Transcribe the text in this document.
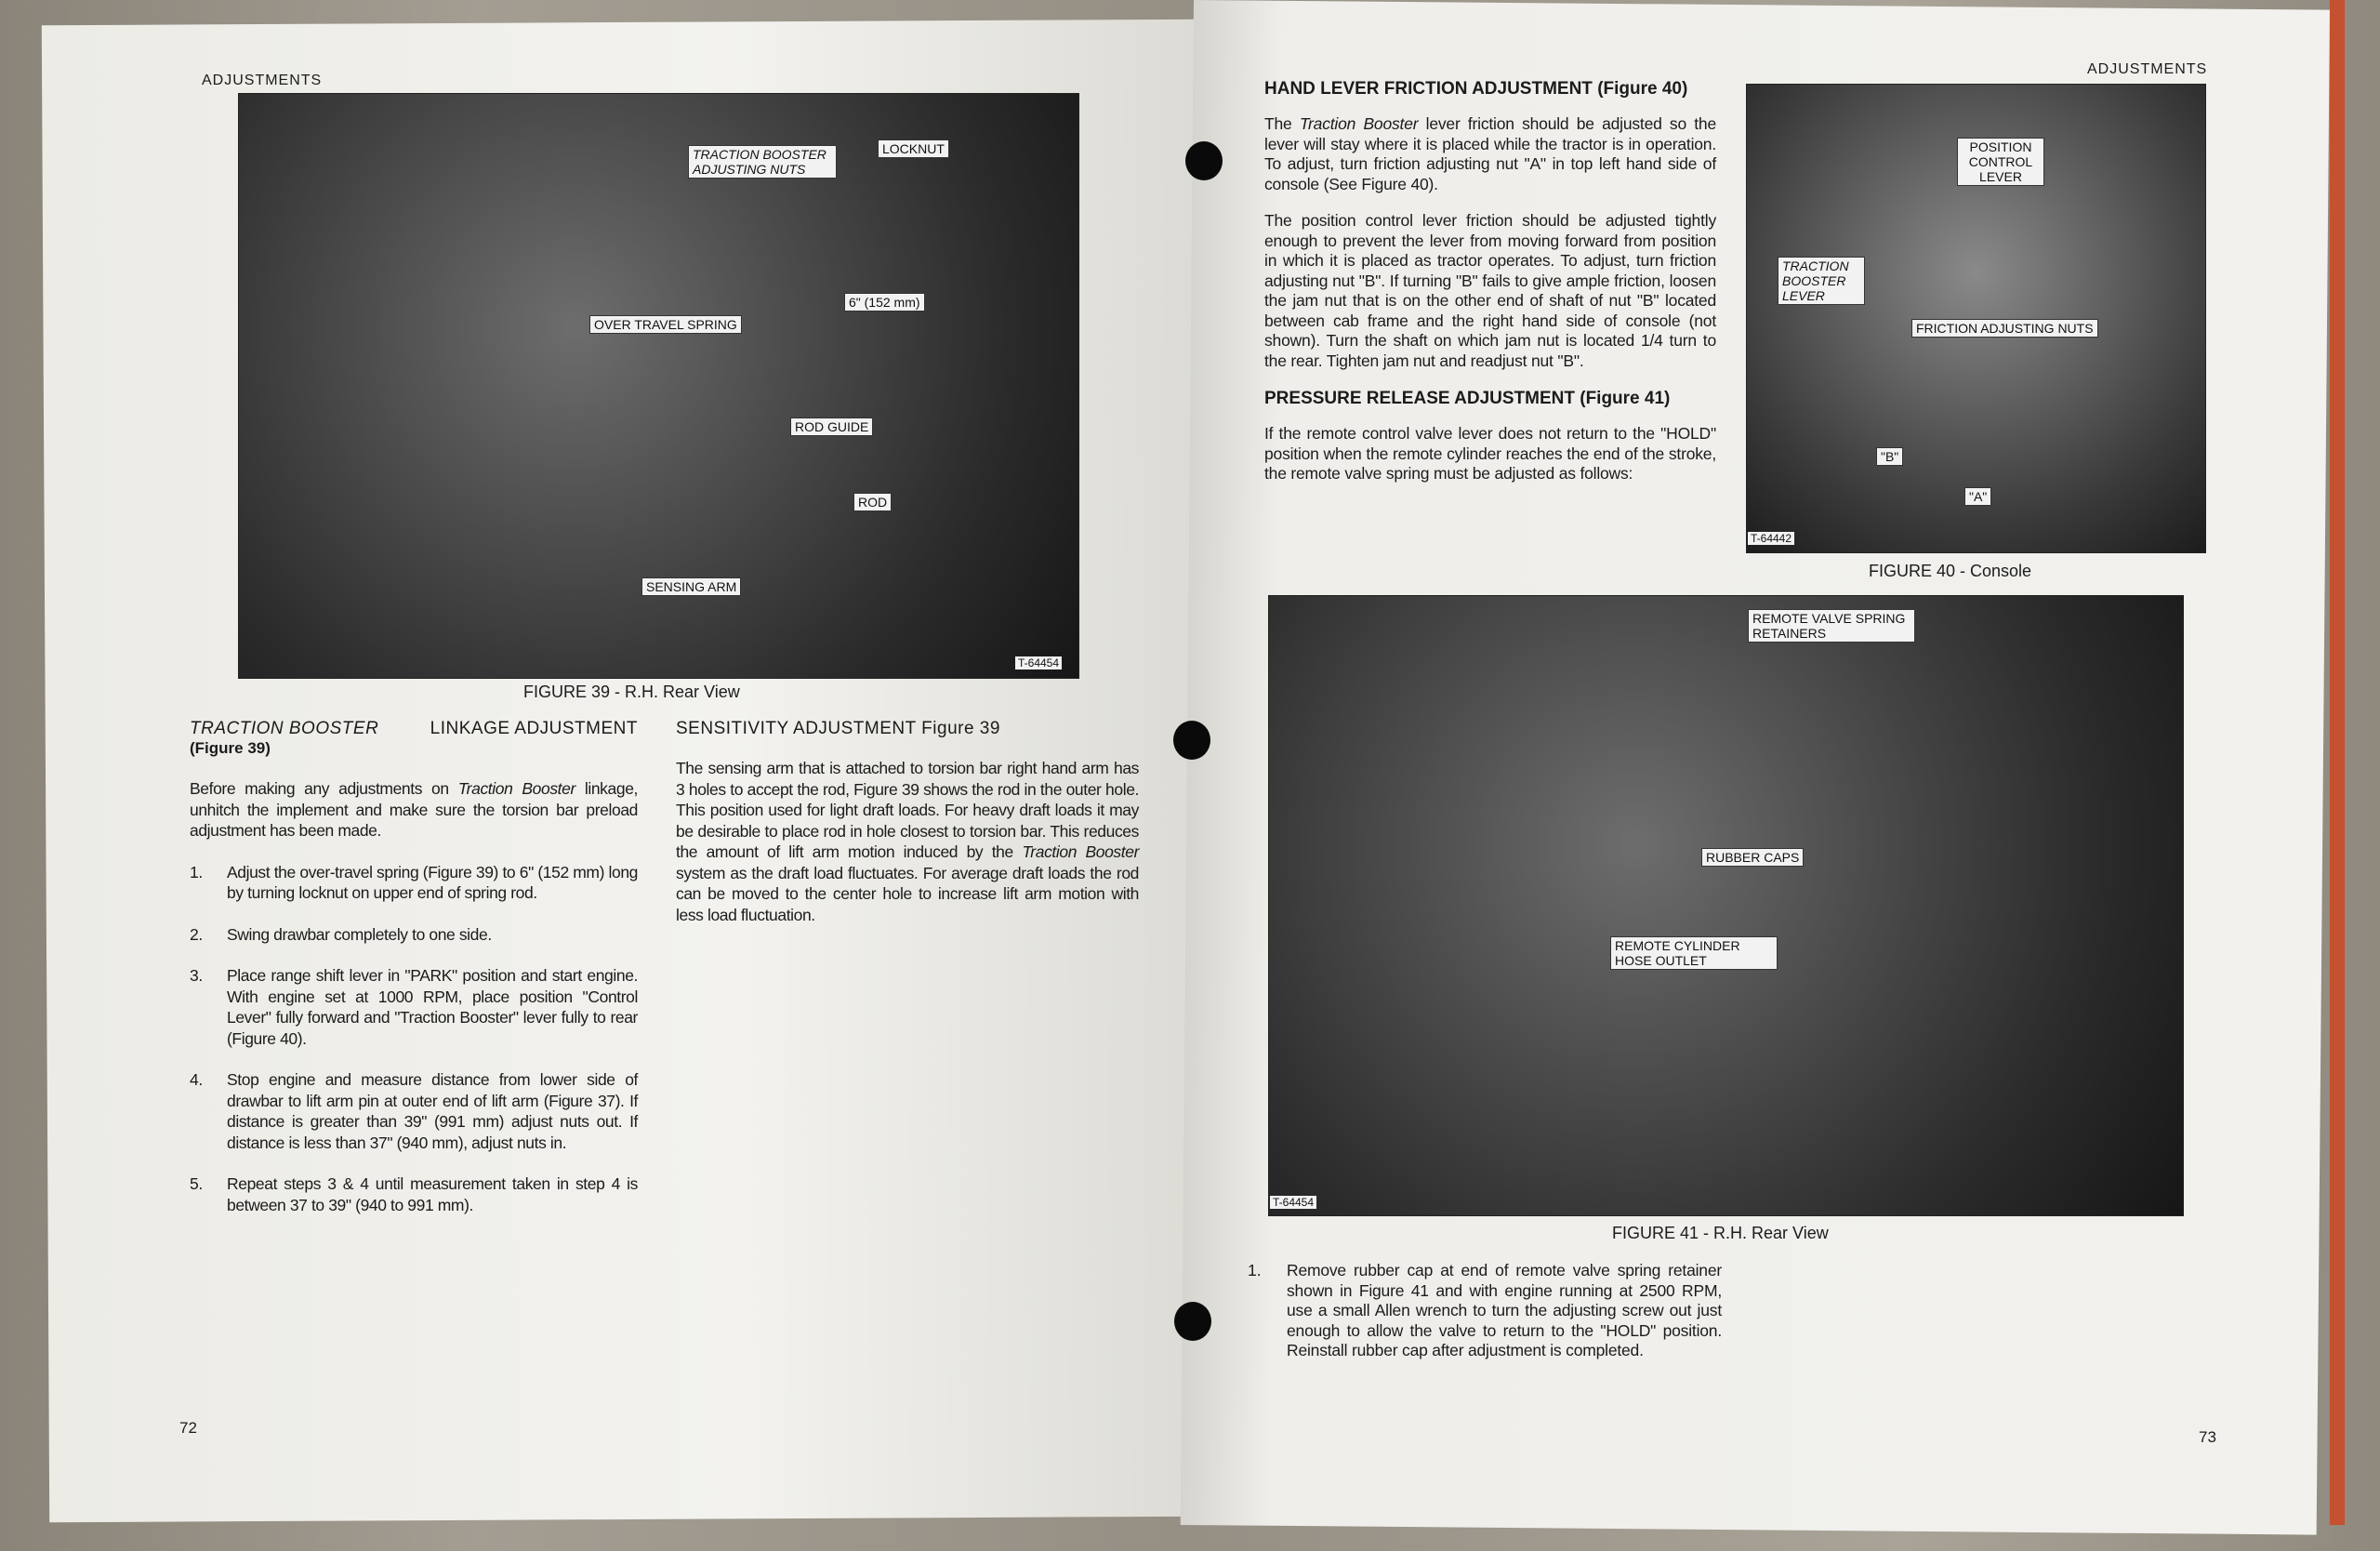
ADJUSTMENTS
TRACTION BOOSTER ADJUSTING NUTS
LOCKNUT
6" (152 mm)
OVER TRAVEL SPRING
ROD GUIDE
ROD
SENSING ARM
T-64454
FIGURE 39 - R.H. Rear View
TRACTION BOOSTER	LINKAGE ADJUSTMENT
(Figure 39)

Before making any adjustments on Traction Booster linkage, unhitch the implement and make sure the torsion bar preload adjustment has been made.

1.	Adjust the over-travel spring (Figure 39) to 6" (152 mm) long by turning locknut on upper end of spring rod.
2.	Swing drawbar completely to one side.
3.	Place range shift lever in "PARK" position and start engine. With engine set at 1000 RPM, place position "Control Lever" fully forward and "Traction Booster" lever fully to rear (Figure 40).
4.	Stop engine and measure distance from lower side of drawbar to lift arm pin at outer end of lift arm (Figure 37). If distance is greater than 39" (991 mm) adjust nuts out. If distance is less than 37" (940 mm), adjust nuts in.
5.	Repeat steps 3 & 4 until measurement taken in step 4 is between 37 to 39" (940 to 991 mm).
SENSITIVITY ADJUSTMENT Figure 39

The sensing arm that is attached to torsion bar right hand arm has 3 holes to accept the rod, Figure 39 shows the rod in the outer hole. This position used for light draft loads. For heavy draft loads it may be desirable to place rod in hole closest to torsion bar. This reduces the amount of lift arm motion induced by the Traction Booster system as the draft load fluctuates. For average draft loads the rod can be moved to the center hole to increase lift arm motion with less load fluctuation.

72
ADJUSTMENTS
HAND LEVER FRICTION ADJUSTMENT (Figure 40)

The Traction Booster lever friction should be adjusted so the lever will stay where it is placed while the tractor is in operation. To adjust, turn friction adjusting nut "A" in top left hand side of console (See Figure 40).

The position control lever friction should be adjusted tightly enough to prevent the lever from moving forward from position in which it is placed as tractor operates. To adjust, turn friction adjusting nut "B". If turning "B" fails to give ample friction, loosen the jam nut that is on the other end of shaft of nut "B" located between cab frame and the right hand side of console (not shown). Turn the shaft on which jam nut is located 1/4 turn to the rear. Tighten jam nut and readjust nut "B".

PRESSURE RELEASE ADJUSTMENT (Figure 41)

If the remote control valve lever does not return to the "HOLD" position when the remote cylinder reaches the end of the stroke, the remote valve spring must be adjusted as follows:

POSITION CONTROL LEVER
TRACTION BOOSTER LEVER
FRICTION ADJUSTING NUTS
"B"
"A"
T-64442
FIGURE 40 - Console
REMOTE VALVE SPRING RETAINERS
RUBBER CAPS
REMOTE CYLINDER HOSE OUTLET
T-64454
FIGURE 41 - R.H. Rear View
1.	Remove rubber cap at end of remote valve spring retainer shown in Figure 41 and with engine running at 2500 RPM, use a small Allen wrench to turn the adjusting screw out just enough to allow the valve to return to the "HOLD" position. Reinstall rubber cap after adjustment is completed.
73
